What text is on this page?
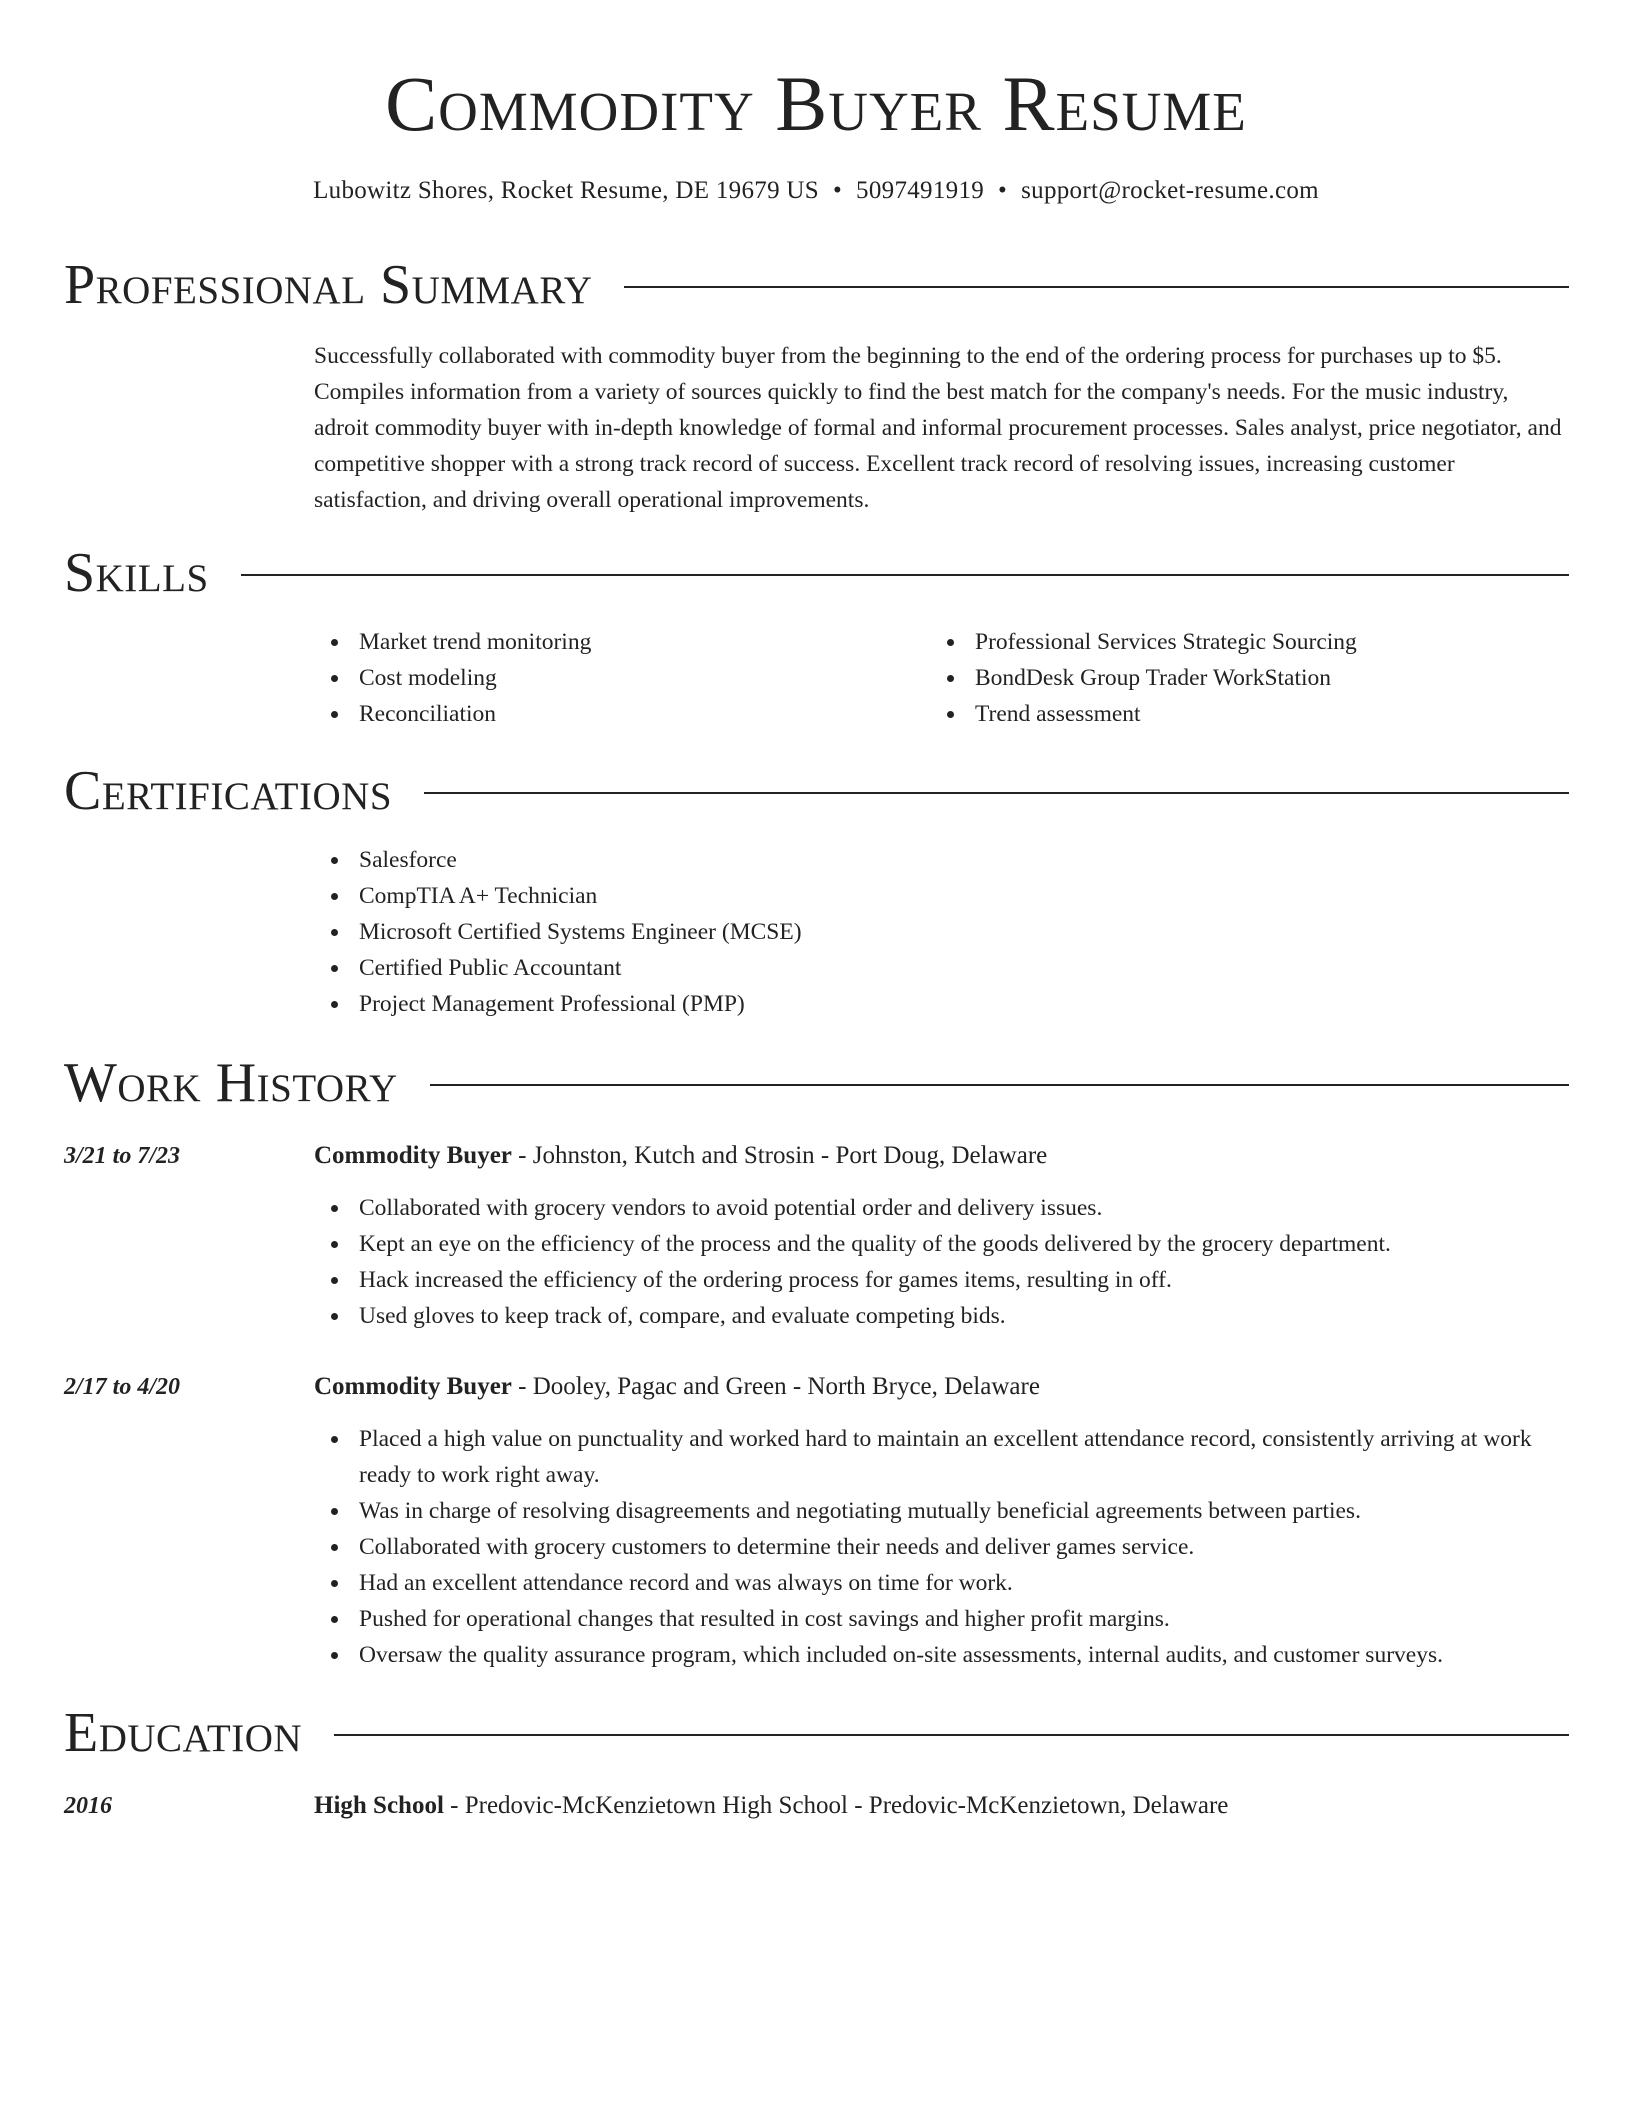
Commodity Buyer Resume
Lubowitz Shores, Rocket Resume, DE 19679 US • 5097491919 • support@rocket-resume.com
Professional Summary

Successfully collaborated with commodity buyer from the beginning to the end of the ordering process for purchases up to $5. Compiles information from a variety of sources quickly to find the best match for the company's needs. For the music industry, adroit commodity buyer with in-depth knowledge of formal and informal procurement processes. Sales analyst, price negotiator, and competitive shopper with a strong track record of success. Excellent track record of resolving issues, increasing customer satisfaction, and driving overall operational improvements.

Skills
Market trend monitoring
Cost modeling
Reconciliation
Professional Services Strategic Sourcing
BondDesk Group Trader WorkStation
Trend assessment
Certifications
Salesforce
CompTIA A+ Technician
Microsoft Certified Systems Engineer (MCSE)
Certified Public Accountant
Project Management Professional (PMP)
Work History
3/21 to 7/23	Commodity Buyer - Johnston, Kutch and Strosin - Port Doug, Delaware
Collaborated with grocery vendors to avoid potential order and delivery issues.
Kept an eye on the efficiency of the process and the quality of the goods delivered by the grocery department.
Hack increased the efficiency of the ordering process for games items, resulting in off.
Used gloves to keep track of, compare, and evaluate competing bids.
2/17 to 4/20	Commodity Buyer - Dooley, Pagac and Green - North Bryce, Delaware
Placed a high value on punctuality and worked hard to maintain an excellent attendance record, consistently arriving at work ready to work right away.
Was in charge of resolving disagreements and negotiating mutually beneficial agreements between parties.
Collaborated with grocery customers to determine their needs and deliver games service.
Had an excellent attendance record and was always on time for work.
Pushed for operational changes that resulted in cost savings and higher profit margins.
Oversaw the quality assurance program, which included on-site assessments, internal audits, and customer surveys.
Education
2016	High School - Predovic-McKenzietown High School - Predovic-McKenzietown, Delaware
